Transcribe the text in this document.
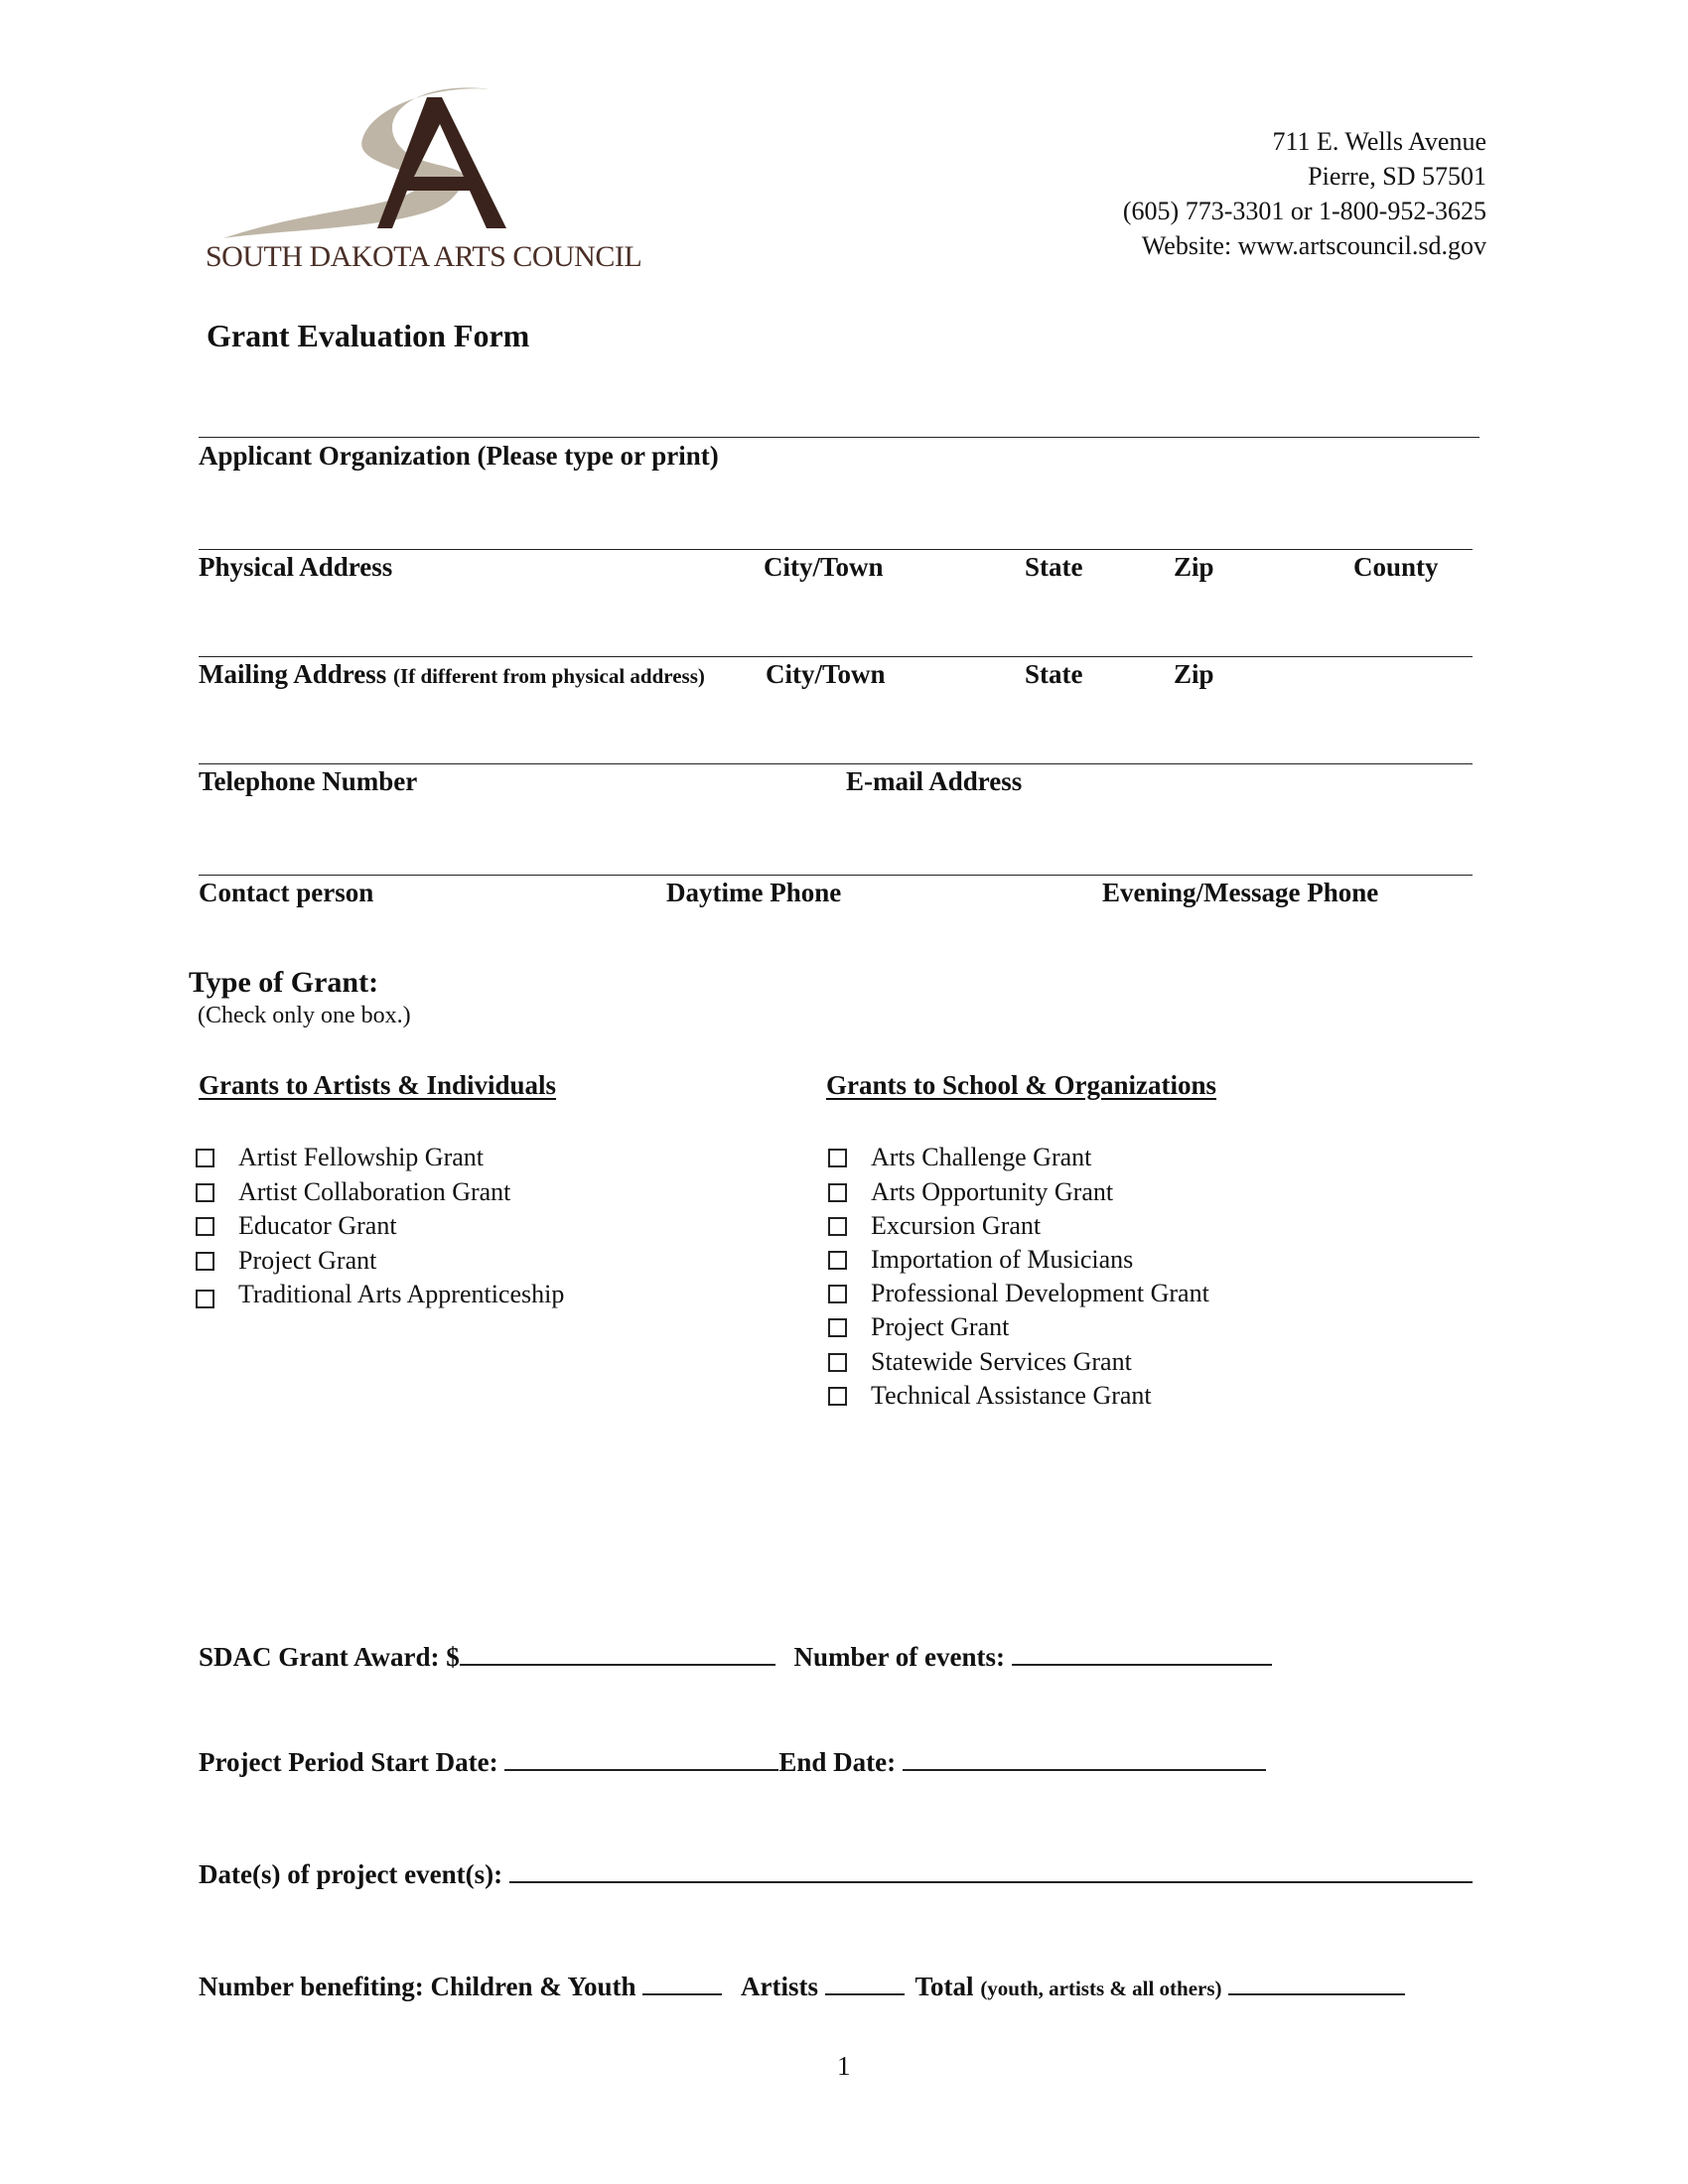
SOUTH DAKOTA ARTS COUNCIL
711 E. Wells Avenue
Pierre, SD 57501
(605) 773-3301 or 1-800-952-3625
Website: www.artscouncil.sd.gov
Grant Evaluation Form
Applicant Organization (Please type or print)
Physical Address	City/Town	State	Zip	County
Mailing Address (If different from physical address) City/Town	State	Zip
Telephone Number	E-mail Address
Contact person	Daytime Phone	Evening/Message Phone
Type of Grant:
(Check only one box.)
Grants to Artists & Individuals	Grants to School & Organizations
Artist Fellowship Grant
Artist Collaboration Grant
Educator Grant
Project Grant
Traditional Arts Apprenticeship
Arts Challenge Grant
Arts Opportunity Grant
Excursion Grant
Importation of Musicians
Professional Development Grant
Project Grant
Statewide Services Grant
Technical Assistance Grant
SDAC Grant Award: $	Number of events:
Project Period Start Date:	End Date:
Date(s) of project event(s):
Number benefiting: Children & Youth	Artists	Total (youth, artists & all others)
1
